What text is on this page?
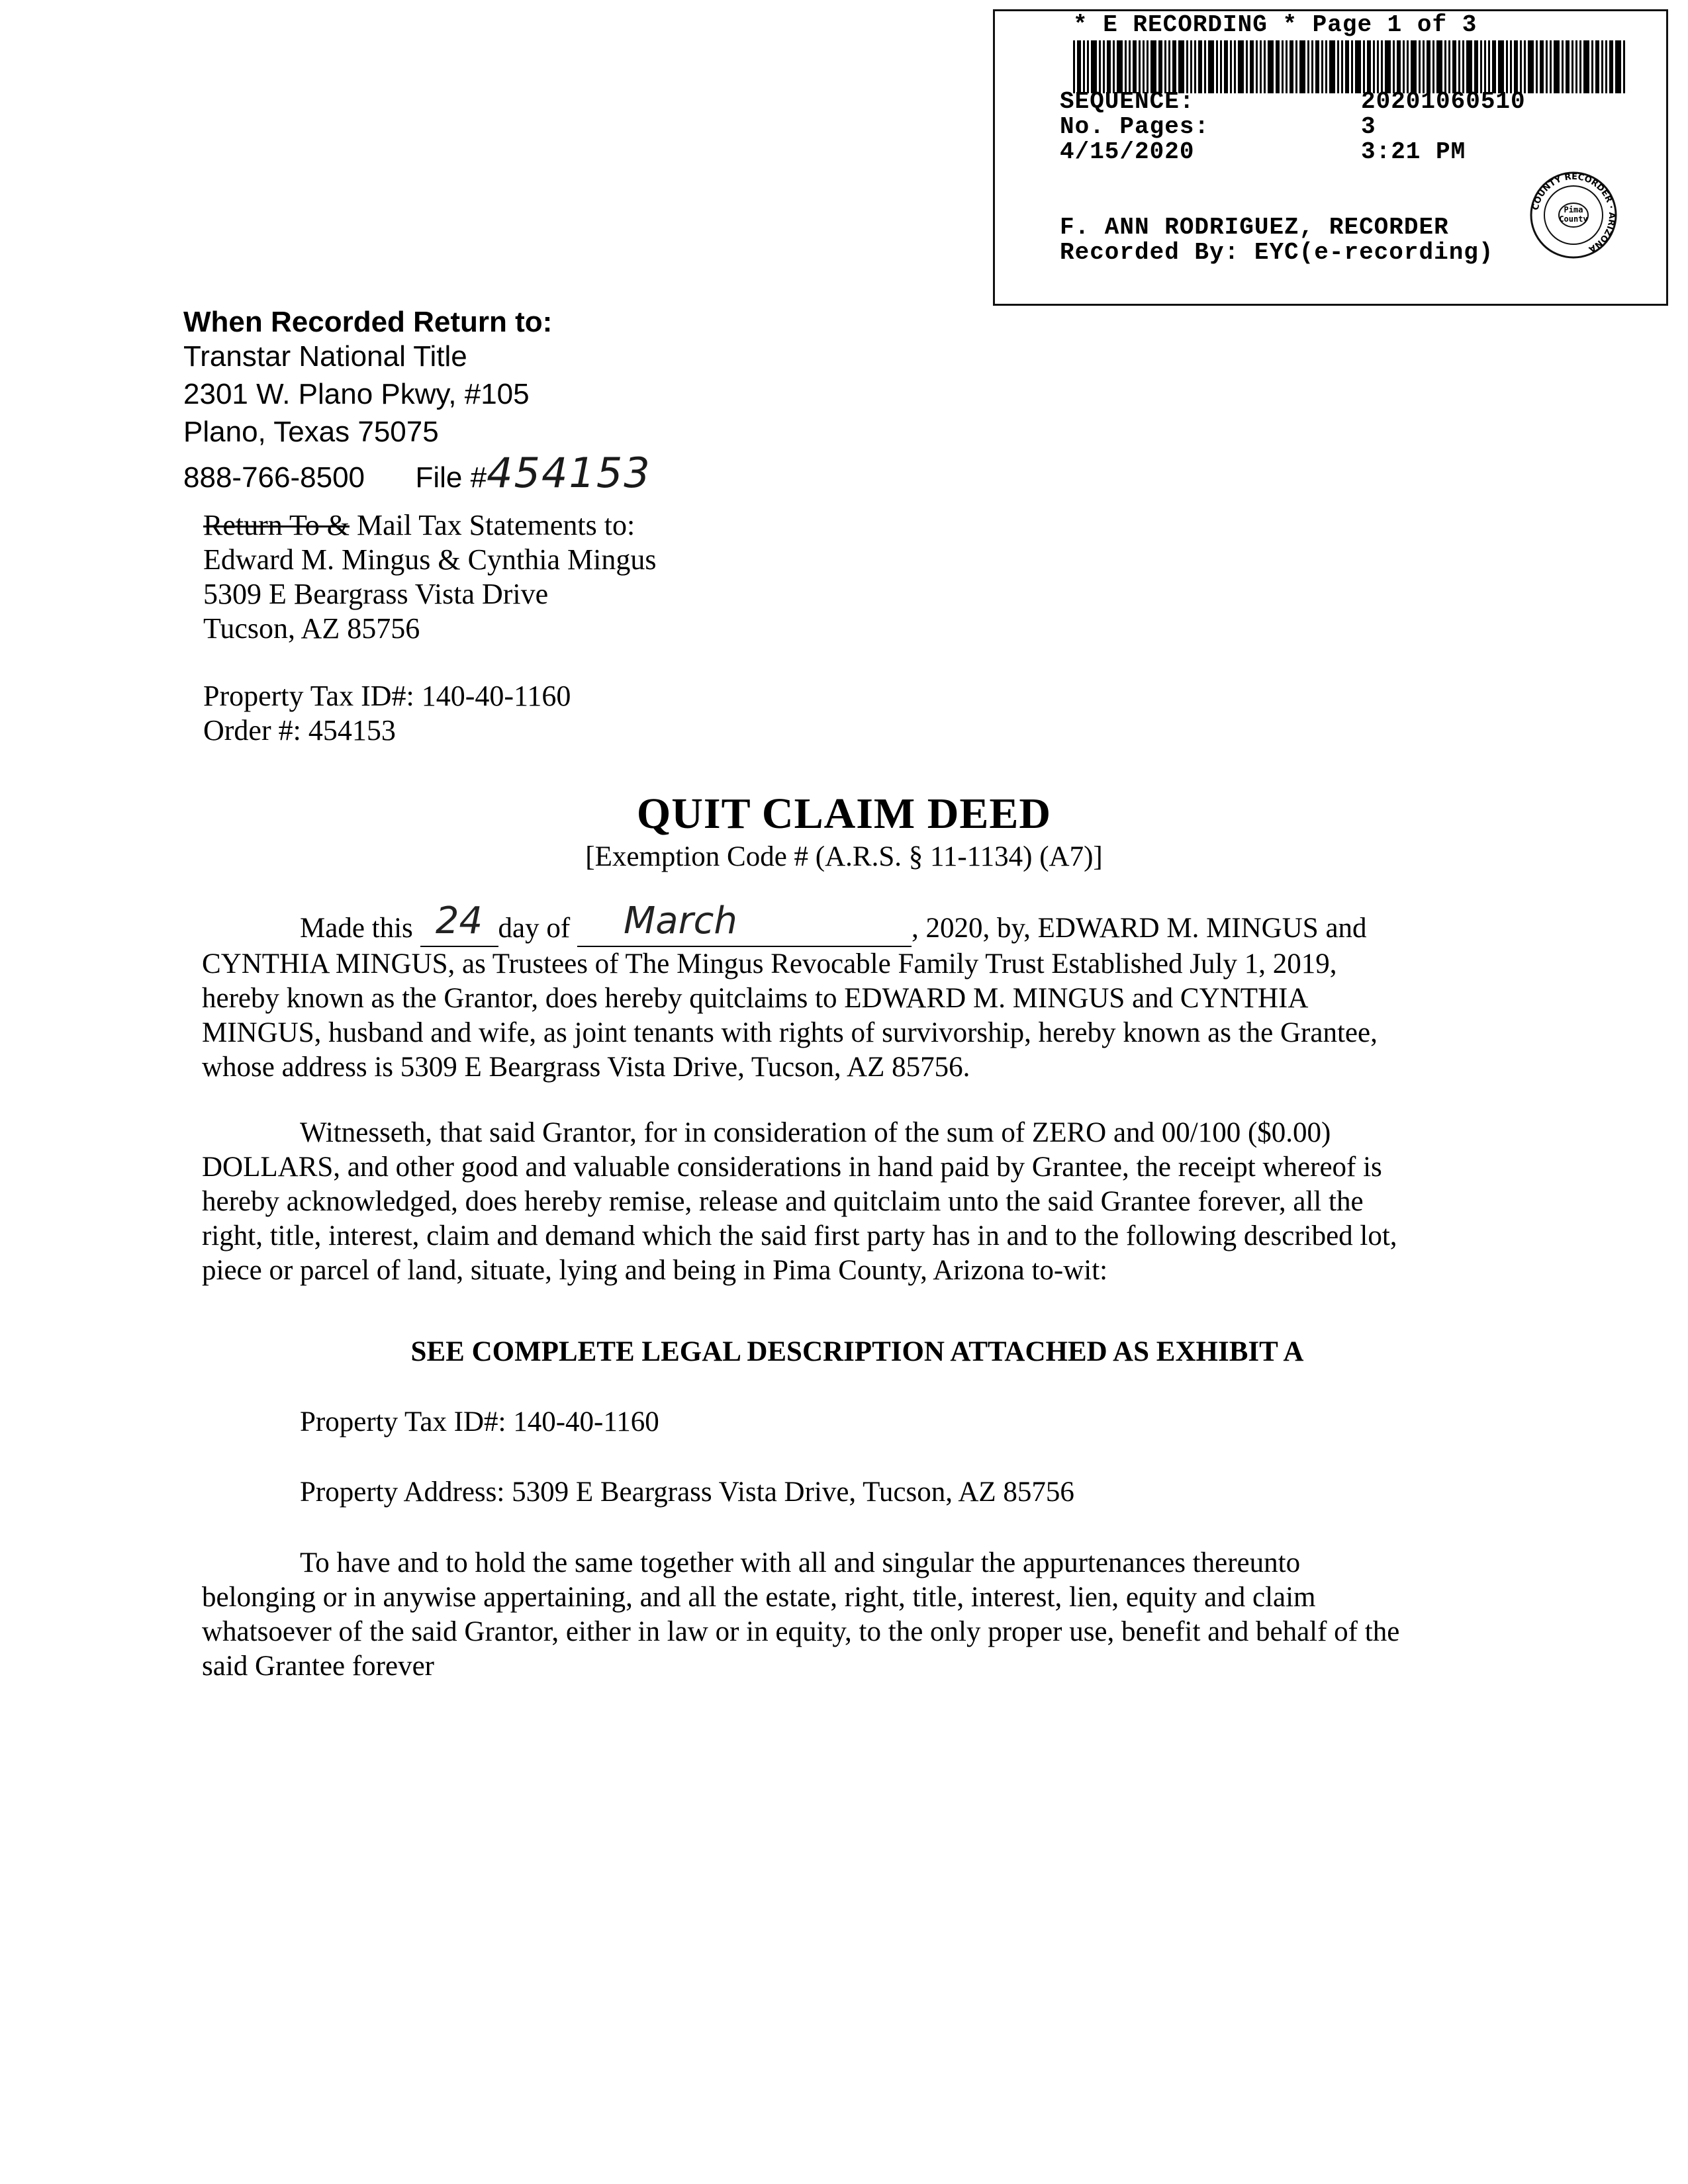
* E RECORDING * Page 1 of 3
SEQUENCE:	20201060510
No. Pages:	3
4/15/2020	3:21 PM
F. ANN RODRIGUEZ, RECORDER
Recorded By: EYC(e-recording)
Pima
County
COUNTY RECORDER · ARIZONA
When Recorded Return to:
Transtar National Title
2301 W. Plano Pkwy, #105
Plano, Texas 75075
888-766-8500 File #454153
Return To & Mail Tax Statements to:
Edward M. Mingus & Cynthia Mingus
5309 E Beargrass Vista Drive
Tucson, AZ 85756
Property Tax ID#: 140-40-1160
Order #: 454153
QUIT CLAIM DEED
[Exemption Code # (A.R.S. § 11-1134) (A7)]
Made this 24 day of March	, 2020, by, EDWARD M. MINGUS and
CYNTHIA MINGUS, as Trustees of The Mingus Revocable Family Trust Established July 1, 2019,
hereby known as the Grantor, does hereby quitclaims to EDWARD M. MINGUS and CYNTHIA
MINGUS, husband and wife, as joint tenants with rights of survivorship, hereby known as the Grantee,
whose address is 5309 E Beargrass Vista Drive, Tucson, AZ 85756.
Witnesseth, that said Grantor, for in consideration of the sum of ZERO and 00/100 ($0.00)
DOLLARS, and other good and valuable considerations in hand paid by Grantee, the receipt whereof is
hereby acknowledged, does hereby remise, release and quitclaim unto the said Grantee forever, all the
right, title, interest, claim and demand which the said first party has in and to the following described lot,
piece or parcel of land, situate, lying and being in Pima County, Arizona to-wit:
SEE COMPLETE LEGAL DESCRIPTION ATTACHED AS EXHIBIT A
Property Tax ID#: 140-40-1160
Property Address: 5309 E Beargrass Vista Drive, Tucson, AZ 85756
To have and to hold the same together with all and singular the appurtenances thereunto
belonging or in anywise appertaining, and all the estate, right, title, interest, lien, equity and claim
whatsoever of the said Grantor, either in law or in equity, to the only proper use, benefit and behalf of the
said Grantee forever
